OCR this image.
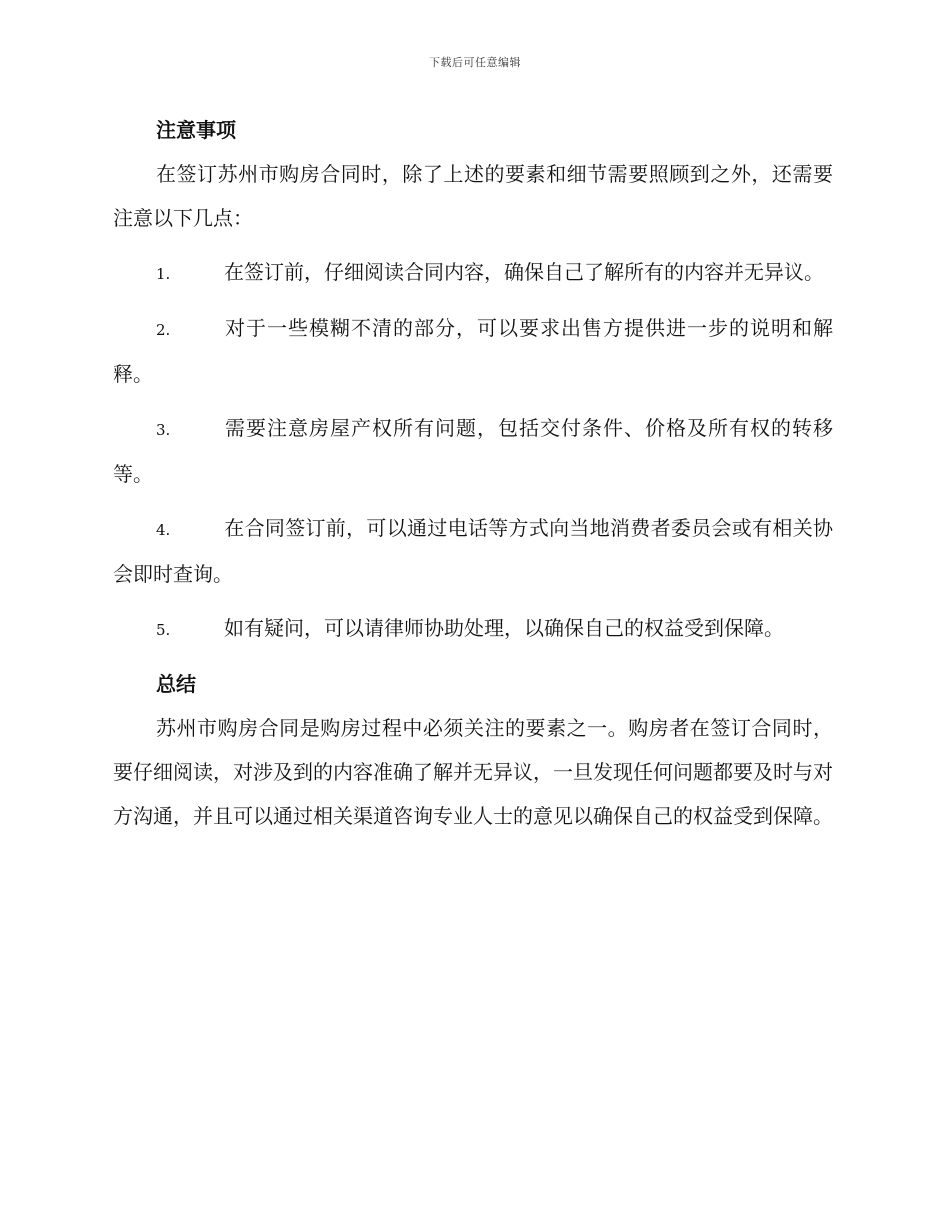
下载后可任意编辑
注意事项

在签订苏州市购房合同时，除了上述的要素和细节需要照顾到之外，还需要注意以下几点：

1.	在签订前，仔细阅读合同内容，确保自己了解所有的内容并无异议。

2.	对于一些模糊不清的部分，可以要求出售方提供进一步的说明和解释。

3.	需要注意房屋产权所有问题，包括交付条件、价格及所有权的转移等。

4.	在合同签订前，可以通过电话等方式向当地消费者委员会或有相关协会即时查询。

5.	如有疑问，可以请律师协助处理，以确保自己的权益受到保障。

总结

苏州市购房合同是购房过程中必须关注的要素之一。购房者在签订合同时，要仔细阅读，对涉及到的内容准确了解并无异议，一旦发现任何问题都要及时与对方沟通，并且可以通过相关渠道咨询专业人士的意见以确保自己的权益受到保障。
